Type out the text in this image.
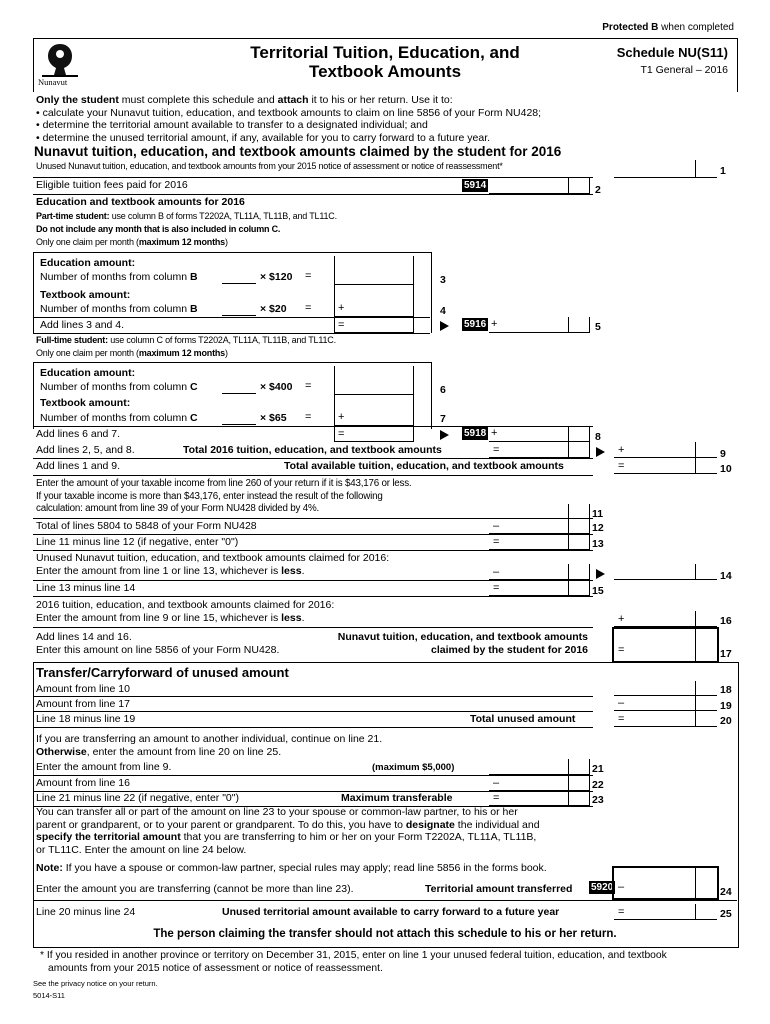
Protected B when completed
Nunavut
Territorial Tuition, Education, and
Textbook Amounts
Schedule NU(S11)
T1 General – 2016
Only the student must complete this schedule and attach it to his or her return. Use it to:
• calculate your Nunavut tuition, education, and textbook amounts to claim on line 5856 of your Form NU428;
• determine the territorial amount available to transfer to a designated individual; and
• determine the unused territorial amount, if any, available for you to carry forward to a future year.
Nunavut tuition, education, and textbook amounts claimed by the student for 2016
Unused Nunavut tuition, education, and textbook amounts from your 2015 notice of assessment or notice of reassessment*	1
Eligible tuition fees paid for 2016	5914	2
Education and textbook amounts for 2016
Part-time student: use column B of forms T2202A, TL11A, TL11B, and TL11C.
Do not include any month that is also included in column C.
Only one claim per month (maximum 12 months)
Education amount:
Number of months from column B	× $120 =	3
Textbook amount:
Number of months from column B	× $20 = +	4
Add lines 3 and 4.	=	5916 +	5
Full-time student: use column C of forms T2202A, TL11A, TL11B, and TL11C.
Only one claim per month (maximum 12 months)
Education amount:
Number of months from column C	× $400 =	6
Textbook amount:
Number of months from column C	× $65 = +	7
Add lines 6 and 7.	=	5918 +	8
Add lines 2, 5, and 8.	Total 2016 tuition, education, and textbook amounts	=	+	9
Add lines 1 and 9.	Total available tuition, education, and textbook amounts	=	10
Enter the amount of your taxable income from line 260 of your return if it is $43,176 or less.
If your taxable income is more than $43,176, enter instead the result of the following
calculation: amount from line 39 of your Form NU428 divided by 4%.	11
Total of lines 5804 to 5848 of your Form NU428	–	12
Line 11 minus line 12 (if negative, enter "0")	=	13
Unused Nunavut tuition, education, and textbook amounts claimed for 2016:
Enter the amount from line 1 or line 13, whichever is less.	–	14
Line 13 minus line 14	=	15
2016 tuition, education, and textbook amounts claimed for 2016:
Enter the amount from line 9 or line 15, whichever is less.	+	16
Add lines 14 and 16.
Enter this amount on line 5856 of your Form NU428.
Nunavut tuition, education, and textbook amounts
claimed by the student for 2016	=	17
Transfer/Carryforward of unused amount
Amount from line 10	18
Amount from line 17	–	19
Line 18 minus line 19	Total unused amount	=	20
If you are transferring an amount to another individual, continue on line 21.
Otherwise, enter the amount from line 20 on line 25.
Enter the amount from line 9.	(maximum $5,000)	21
Amount from line 16	–	22
Line 21 minus line 22 (if negative, enter "0")	Maximum transferable	=	23
You can transfer all or part of the amount on line 23 to your spouse or common-law partner, to his or her
parent or grandparent, or to your parent or grandparent. To do this, you have to designate the individual and
specify the territorial amount that you are transferring to him or her on your Form T2202A, TL11A, TL11B,
or TL11C. Enter the amount on line 24 below.
Note: If you have a spouse or common-law partner, special rules may apply; read line 5856 in the forms book.
Enter the amount you are transferring (cannot be more than line 23).	Territorial amount transferred 5920 –	24
Line 20 minus line 24	Unused territorial amount available to carry forward to a future year	=	25
The person claiming the transfer should not attach this schedule to his or her return.
* If you resided in another province or territory on December 31, 2015, enter on line 1 your unused federal tuition, education, and textbook
amounts from your 2015 notice of assessment or notice of reassessment.
See the privacy notice on your return.
5014-S11
